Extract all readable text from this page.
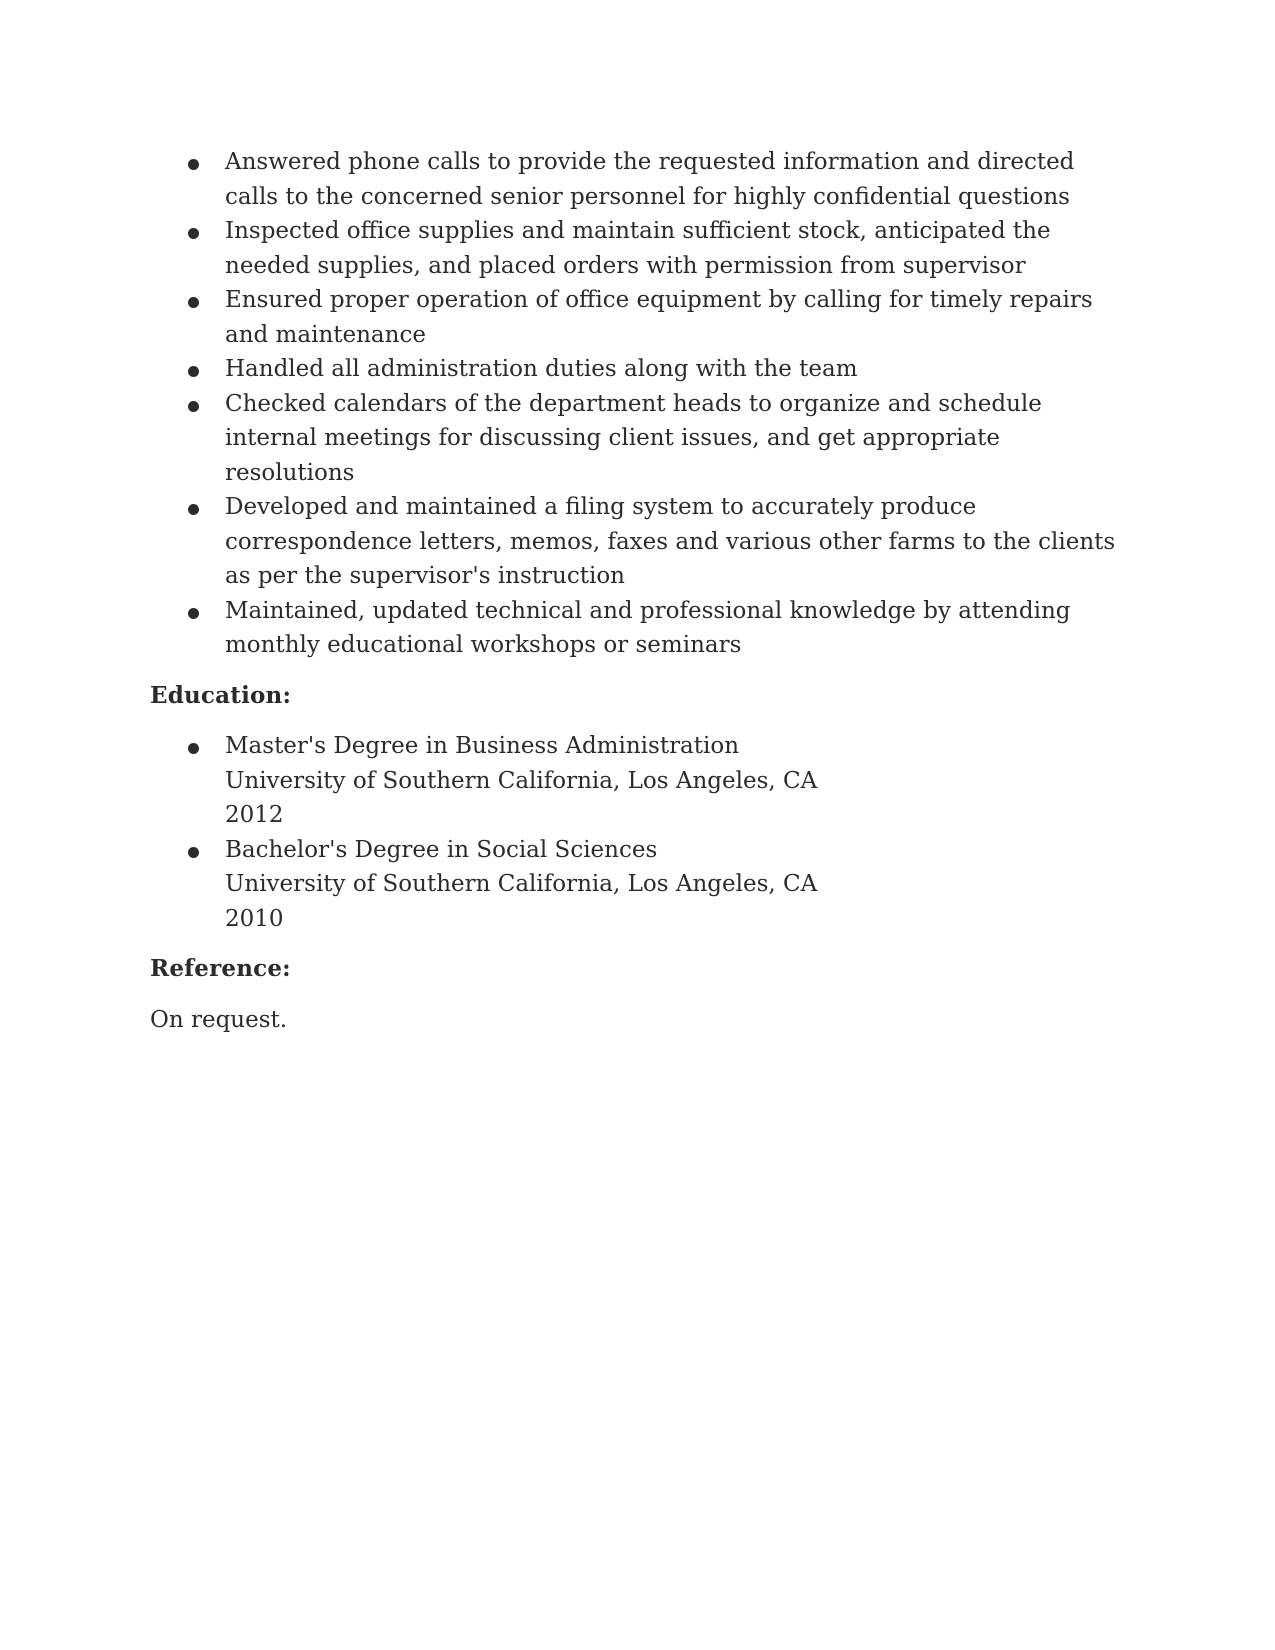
Answered phone calls to provide the requested information and directed calls to the concerned senior personnel for highly confidential questions
Inspected office supplies and maintain sufficient stock, anticipated the needed supplies, and placed orders with permission from supervisor
Ensured proper operation of office equipment by calling for timely repairs and maintenance
Handled all administration duties along with the team
Checked calendars of the department heads to organize and schedule internal meetings for discussing client issues, and get appropriate resolutions
Developed and maintained a filing system to accurately produce correspondence letters, memos, faxes and various other farms to the clients as per the supervisor's instruction
Maintained, updated technical and professional knowledge by attending monthly educational workshops or seminars
Education:
Master's Degree in Business Administration
University of Southern California, Los Angeles, CA
2012
Bachelor's Degree in Social Sciences
University of Southern California, Los Angeles, CA
2010
Reference:

On request.
